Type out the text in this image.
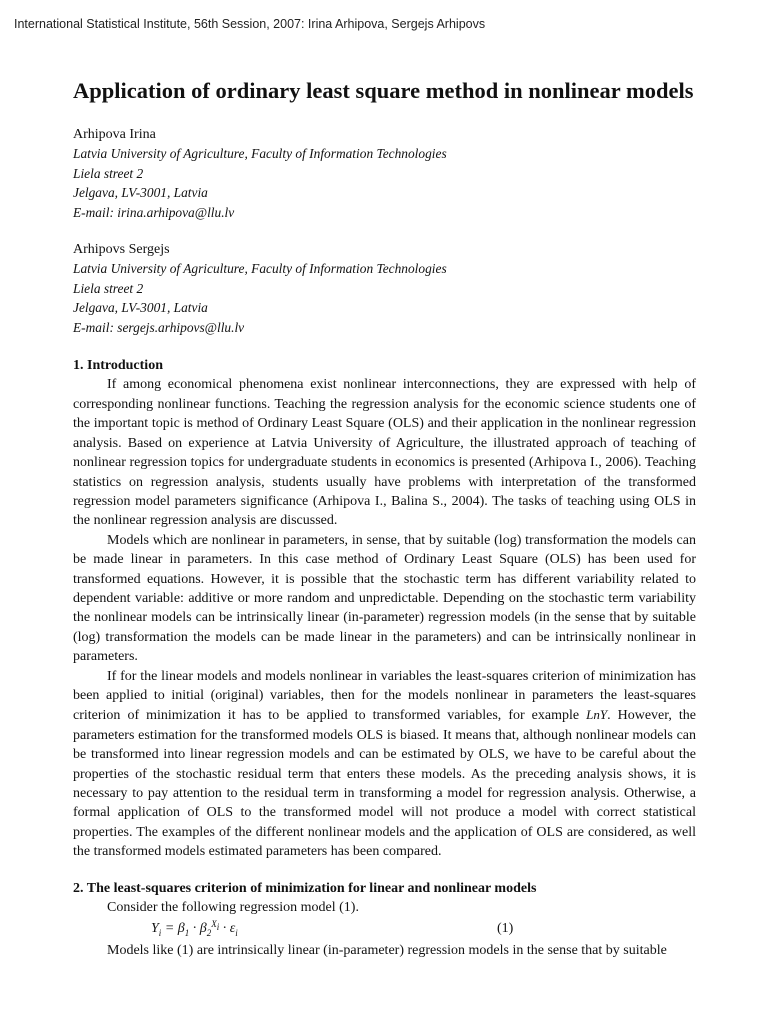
International Statistical Institute, 56th Session, 2007: Irina Arhipova, Sergejs Arhipovs
Application of ordinary least square method in nonlinear models
Arhipova Irina
Latvia University of Agriculture, Faculty of Information Technologies
Liela street 2
Jelgava, LV-3001, Latvia
E-mail: irina.arhipova@llu.lv
Arhipovs Sergejs
Latvia University of Agriculture, Faculty of Information Technologies
Liela street 2
Jelgava, LV-3001, Latvia
E-mail: sergejs.arhipovs@llu.lv
1. Introduction

If among economical phenomena exist nonlinear interconnections, they are expressed with help of corresponding nonlinear functions. Teaching the regression analysis for the economic science students one of the important topic is method of Ordinary Least Square (OLS) and their application in the nonlinear regression analysis. Based on experience at Latvia University of Agriculture, the illustrated approach of teaching of nonlinear regression topics for undergraduate students in economics is presented (Arhipova I., 2006). Teaching statistics on regression analysis, students usually have problems with interpretation of the transformed regression model parameters significance (Arhipova I., Balina S., 2004). The tasks of teaching using OLS in the nonlinear regression analysis are discussed.

Models which are nonlinear in parameters, in sense, that by suitable (log) transformation the models can be made linear in parameters. In this case method of Ordinary Least Square (OLS) has been used for transformed equations. However, it is possible that the stochastic term has different variability related to dependent variable: additive or more random and unpredictable. Depending on the stochastic term variability the nonlinear models can be intrinsically linear (in-parameter) regression models (in the sense that by suitable (log) transformation the models can be made linear in the parameters) and can be intrinsically nonlinear in parameters.

If for the linear models and models nonlinear in variables the least-squares criterion of minimization has been applied to initial (original) variables, then for the models nonlinear in parameters the least-squares criterion of minimization it has to be applied to transformed variables, for example LnY. However, the parameters estimation for the transformed models OLS is biased. It means that, although nonlinear models can be transformed into linear regression models and can be estimated by OLS, we have to be careful about the properties of the stochastic residual term that enters these models. As the preceding analysis shows, it is necessary to pay attention to the residual term in transforming a model for regression analysis. Otherwise, a formal application of OLS to the transformed model will not produce a model with correct statistical properties. The examples of the different nonlinear models and the application of OLS are considered, as well the transformed models estimated parameters has been compared.

2. The least-squares criterion of minimization for linear and nonlinear models

Consider the following regression model (1).

$Y_i = \beta_1 \cdot \beta_2^{X_i} \cdot \varepsilon_i$	(1)

Models like (1) are intrinsically linear (in-parameter) regression models in the sense that by suitable
